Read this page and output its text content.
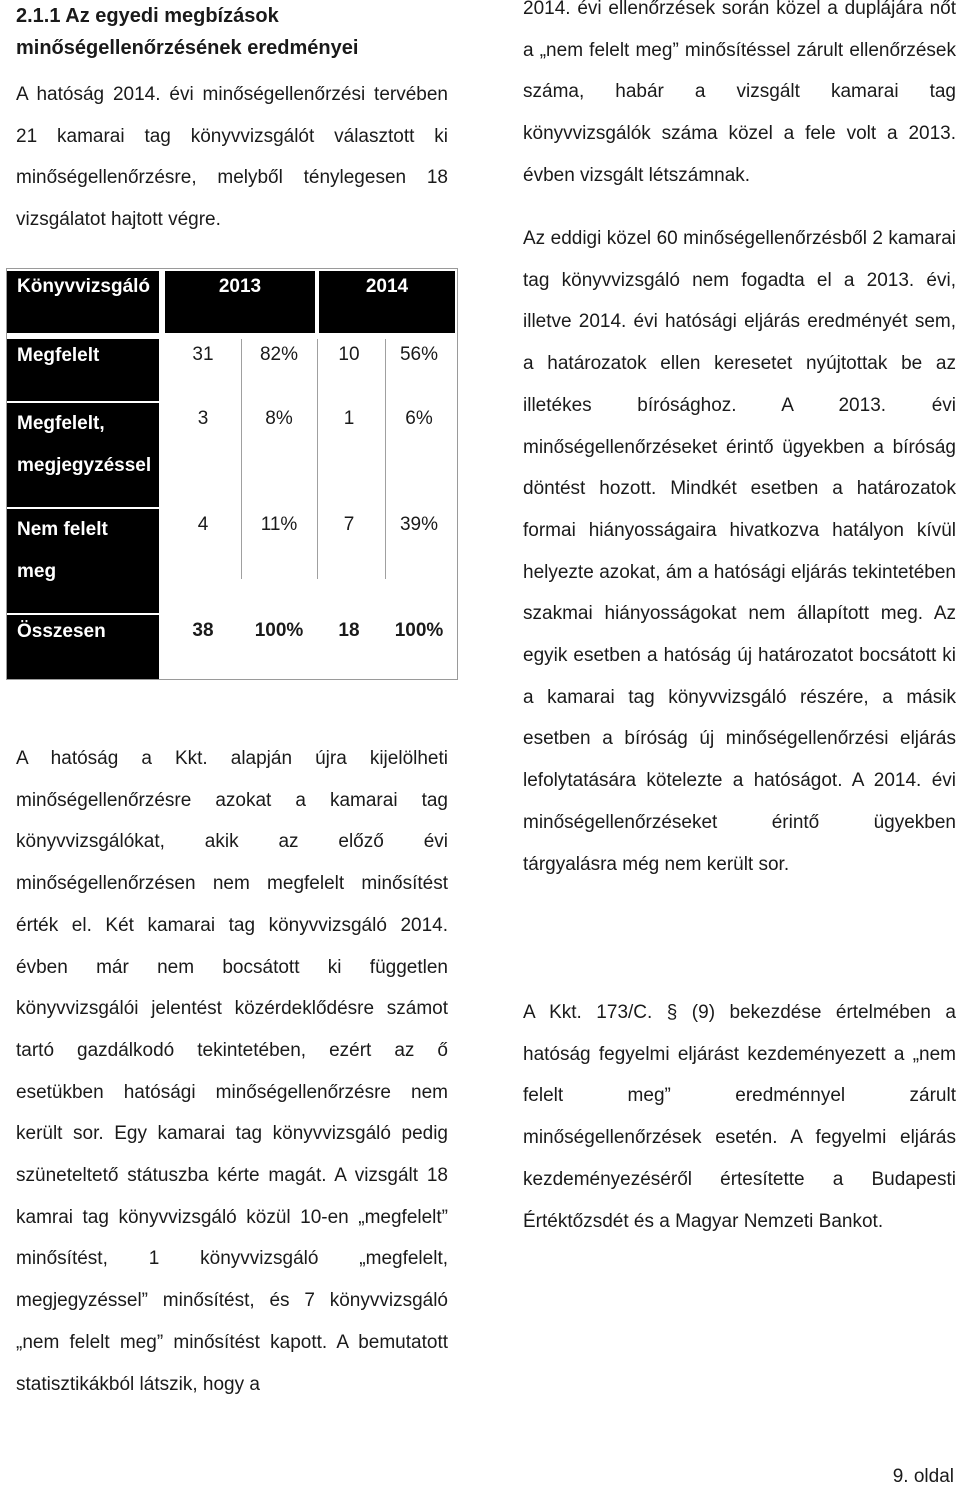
2.1.1 Az egyedi megbízások minőségellenőrzésének eredményei

A hatóság 2014. évi minőségellenőrzési tervében 21 kamarai tag könyvvizsgálót választott ki minőségellenőrzésre, melyből ténylegesen 18 vizsgálatot hajtott végre.

Könyvvizsgáló	2013	2014
Megfelelt	31	82%	10	56%
Megfelelt,
megjegyzéssel
3	8%	1	6%
Nem felelt
meg
4	11%	7	39%
Összesen	38	100%	18	100%

A hatóság a Kkt. alapján újra kijelölheti minőségellenőrzésre azokat a kamarai tag könyvvizsgálókat, akik az előző évi minőségellenőrzésen nem megfelelt minősítést érték el. Két kamarai tag könyvvizsgáló 2014. évben már nem bocsátott ki független könyvvizsgálói jelentést közérdeklődésre számot tartó gazdálkodó tekintetében, ezért az ő esetükben hatósági minőségellenőrzésre nem került sor. Egy kamarai tag könyvvizsgáló pedig szüneteltető státuszba kérte magát. A vizsgált 18 kamrai tag könyvvizsgáló közül 10-en „megfelelt” minősítést, 1 könyvvizsgáló „megfelelt, megjegyzéssel” minősítést, és 7 könyvvizsgáló „nem felelt meg” minősítést kapott. A bemutatott statisztikákból látszik, hogy a

2014. évi ellenőrzések során közel a duplájára nőt a „nem felelt meg” minősítéssel zárult ellenőrzések száma, habár a vizsgált kamarai tag könyvvizsgálók száma közel a fele volt a 2013. évben vizsgált létszámnak.

Az eddigi közel 60 minőségellenőrzésből 2 kamarai tag könyvvizsgáló nem fogadta el a 2013. évi, illetve 2014. évi hatósági eljárás eredményét sem, a határozatok ellen keresetet nyújtottak be az illetékes bírósághoz. A 2013. évi minőségellenőrzéseket érintő ügyekben a bíróság döntést hozott. Mindkét esetben a határozatok formai hiányosságaira hivatkozva hatályon kívül helyezte azokat, ám a hatósági eljárás tekintetében szakmai hiányosságokat nem állapított meg. Az egyik esetben a hatóság új határozatot bocsátott ki a kamarai tag könyvvizsgáló részére, a másik esetben a bíróság új minőségellenőrzési eljárás lefolytatására kötelezte a hatóságot. A 2014. évi minőségellenőrzéseket érintő ügyekben tárgyalásra még nem került sor.

A Kkt. 173/C. § (9) bekezdése értelmében a hatóság fegyelmi eljárást kezdeményezett a „nem felelt meg” eredménnyel zárult minőségellenőrzések esetén. A fegyelmi eljárás kezdeményezéséről értesítette a Budapesti Értéktőzsdét és a Magyar Nemzeti Bankot.

9. oldal
